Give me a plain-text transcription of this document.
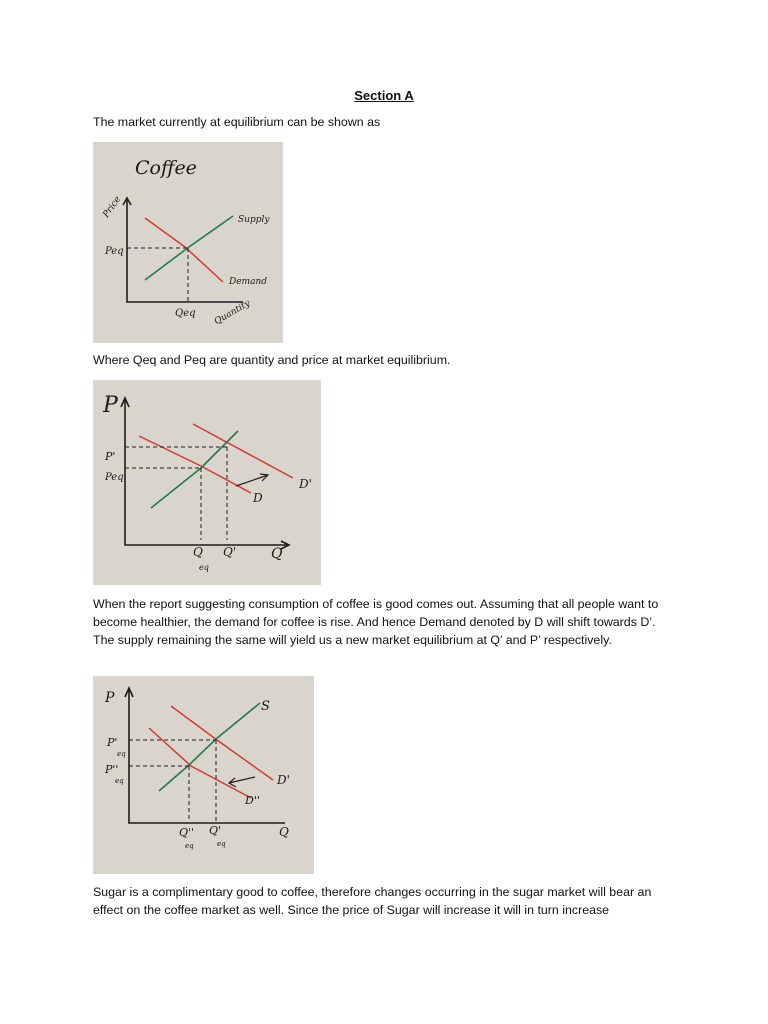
Section A

The market currently at equilibrium can be shown as

Coffee
Price
Peq
Supply
Demand
Qeq Quantity

Where Qeq and Peq are quantity and price at market equilibrium.

P
P'
Peq
D
D'
Q
eq
Q' Q

When the report suggesting consumption of coffee is good comes out. Assuming that all people want to become healthier, the demand for coffee is rise. And hence Demand denoted by D will shift towards D’. The supply remaining the same will yield us a new market equilibrium at Q’ and P’ respectively.

P
S
P'
eq
P''
eq	D'
D''
Q''
eq
Q'
eq
Q

Sugar is a complimentary good to coffee, therefore changes occurring in the sugar market will bear an effect on the coffee market as well. Since the price of Sugar will increase it will in turn increase
